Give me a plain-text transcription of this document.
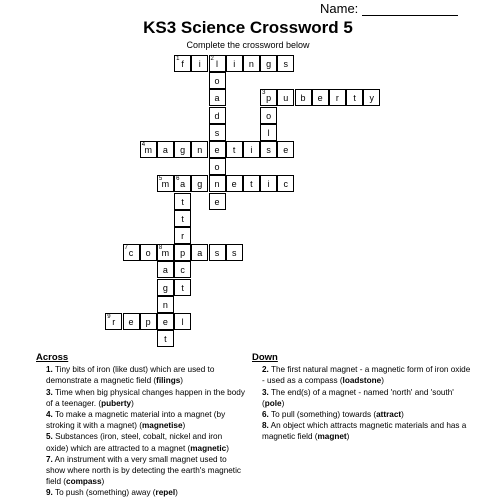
Name:
KS3 Science Crossword 5
Complete the crossword below
1 f	i	2 l	i	n	g	s
o
a
d
3 p	u	b	e	r	t	y
o
s	l
4 m	a	g	n	e	t	i	s	e
o
5 m	6 a	g	n	e	t	i	c
t	e
t
r
7 c	o	8 m	p	a	s	s
a	c
g	t
n
9 r	e	p	e	l
t
Across
1. Tiny bits of iron (like dust) which are used to demonstrate a magnetic field (filings)
3. Time when big physical changes happen in the body of a teenager. (puberty)
4. To make a magnetic material into a magnet (by stroking it with a magnet) (magnetise)
5. Substances (iron, steel, cobalt, nickel and iron oxide) which are attracted to a magnet (magnetic)
7. An instrument with a very small magnet used to show where north is by detecting the earth's magnetic field (compass)
9. To push (something) away (repel)
Down
2. The first natural magnet - a magnetic form of iron oxide - used as a compass (loadstone)
3. The end(s) of a magnet - named 'north' and 'south' (pole)
6. To pull (something) towards (attract)
8. An object which attracts magnetic materials and has a magnetic field (magnet)
